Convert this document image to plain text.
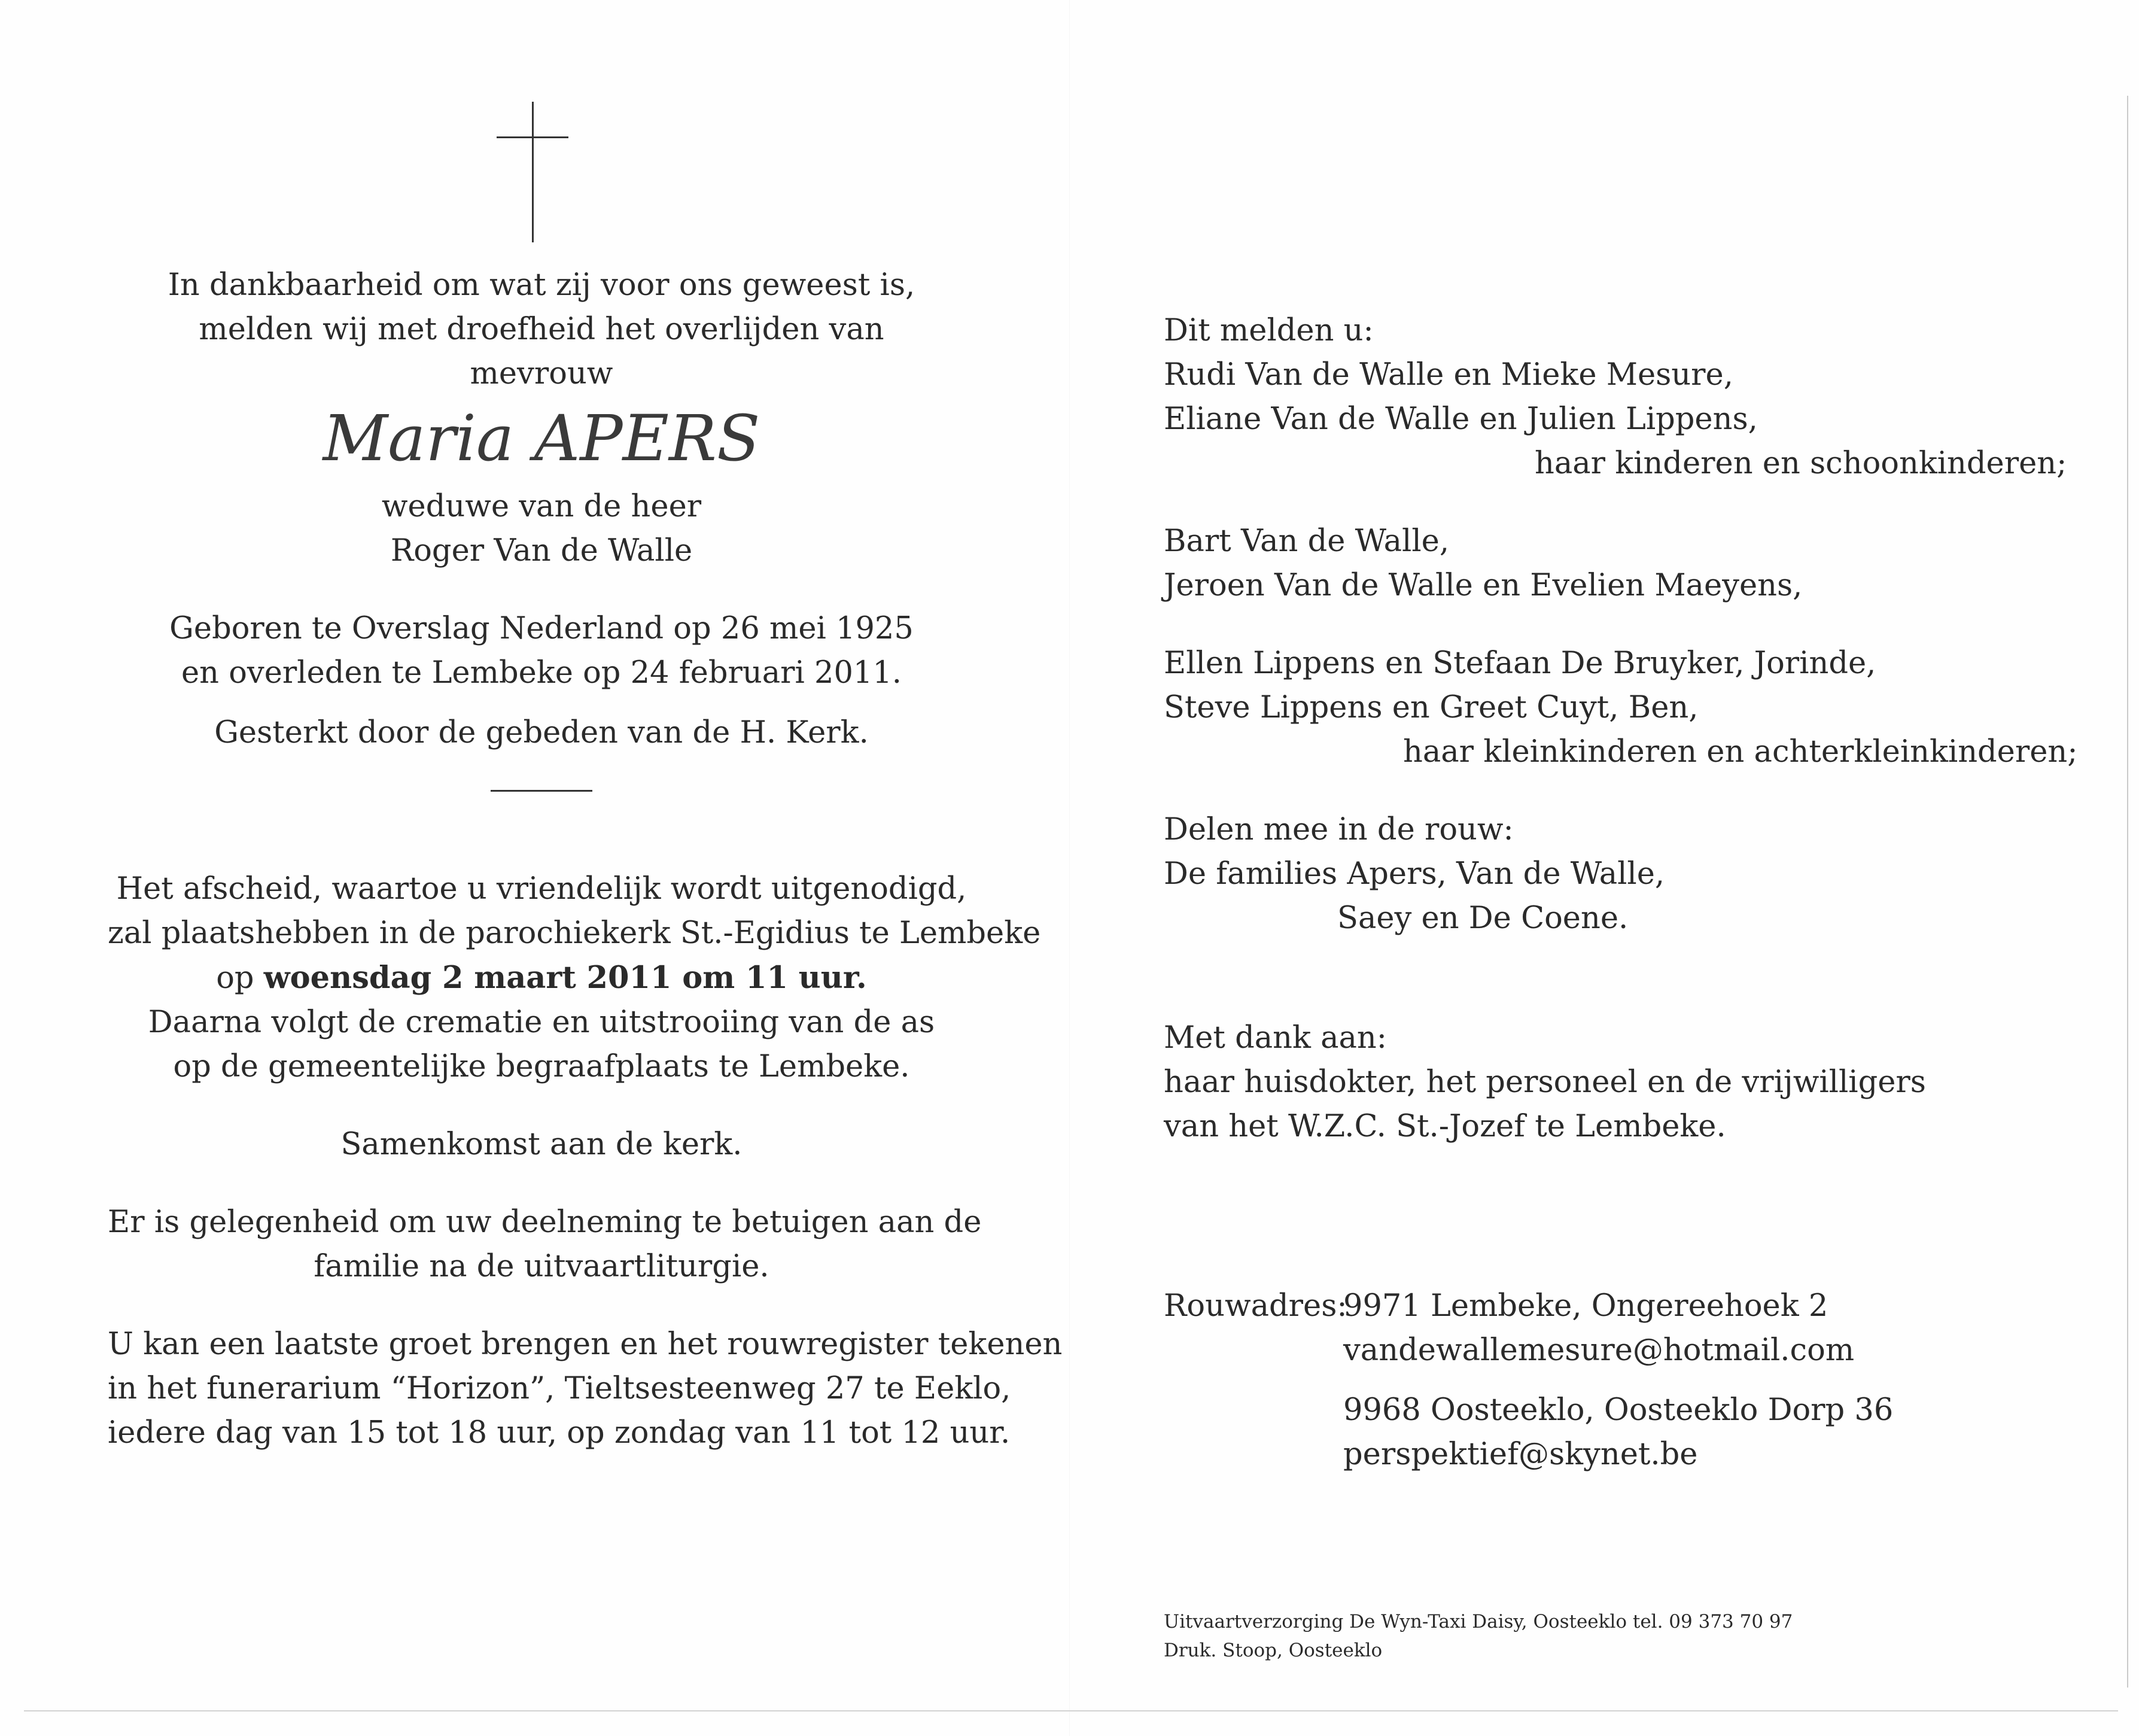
In dankbaarheid om wat zij voor ons geweest is,
melden wij met droefheid het overlijden van
mevrouw
Maria APERS
weduwe van de heer
Roger Van de Walle
Geboren te Overslag Nederland op 26 mei 1925
en overleden te Lembeke op 24 februari 2011.
Gesterkt door de gebeden van de H. Kerk.
Het afscheid, waartoe u vriendelijk wordt uitgenodigd,
zal plaatshebben in de parochiekerk St.-Egidius te Lembeke
op woensdag 2 maart 2011 om 11 uur.
Daarna volgt de crematie en uitstrooiing van de as
op de gemeentelijke begraafplaats te Lembeke.
Samenkomst aan de kerk.
Er is gelegenheid om uw deelneming te betuigen aan de
familie na de uitvaartliturgie.
U kan een laatste groet brengen en het rouwregister tekenen
in het funerarium “Horizon”, Tieltsesteenweg 27 te Eeklo,
iedere dag van 15 tot 18 uur, op zondag van 11 tot 12 uur.
Dit melden u:
Rudi Van de Walle en Mieke Mesure,
Eliane Van de Walle en Julien Lippens,
haar kinderen en schoonkinderen;
Bart Van de Walle,
Jeroen Van de Walle en Evelien Maeyens,
Ellen Lippens en Stefaan De Bruyker, Jorinde,
Steve Lippens en Greet Cuyt, Ben,
haar kleinkinderen en achterkleinkinderen;
Delen mee in de rouw:
De families Apers, Van de Walle,
Saey en De Coene.
Met dank aan:
haar huisdokter, het personeel en de vrijwilligers
van het W.Z.C. St.-Jozef te Lembeke.
Rouwadres:9971 Lembeke, Ongereehoek 2
vandewallemesure@hotmail.com
9968 Oosteeklo, Oosteeklo Dorp 36
perspektief@skynet.be
Uitvaartverzorging De Wyn-Taxi Daisy, Oosteeklo tel. 09 373 70 97
Druk. Stoop, Oosteeklo
